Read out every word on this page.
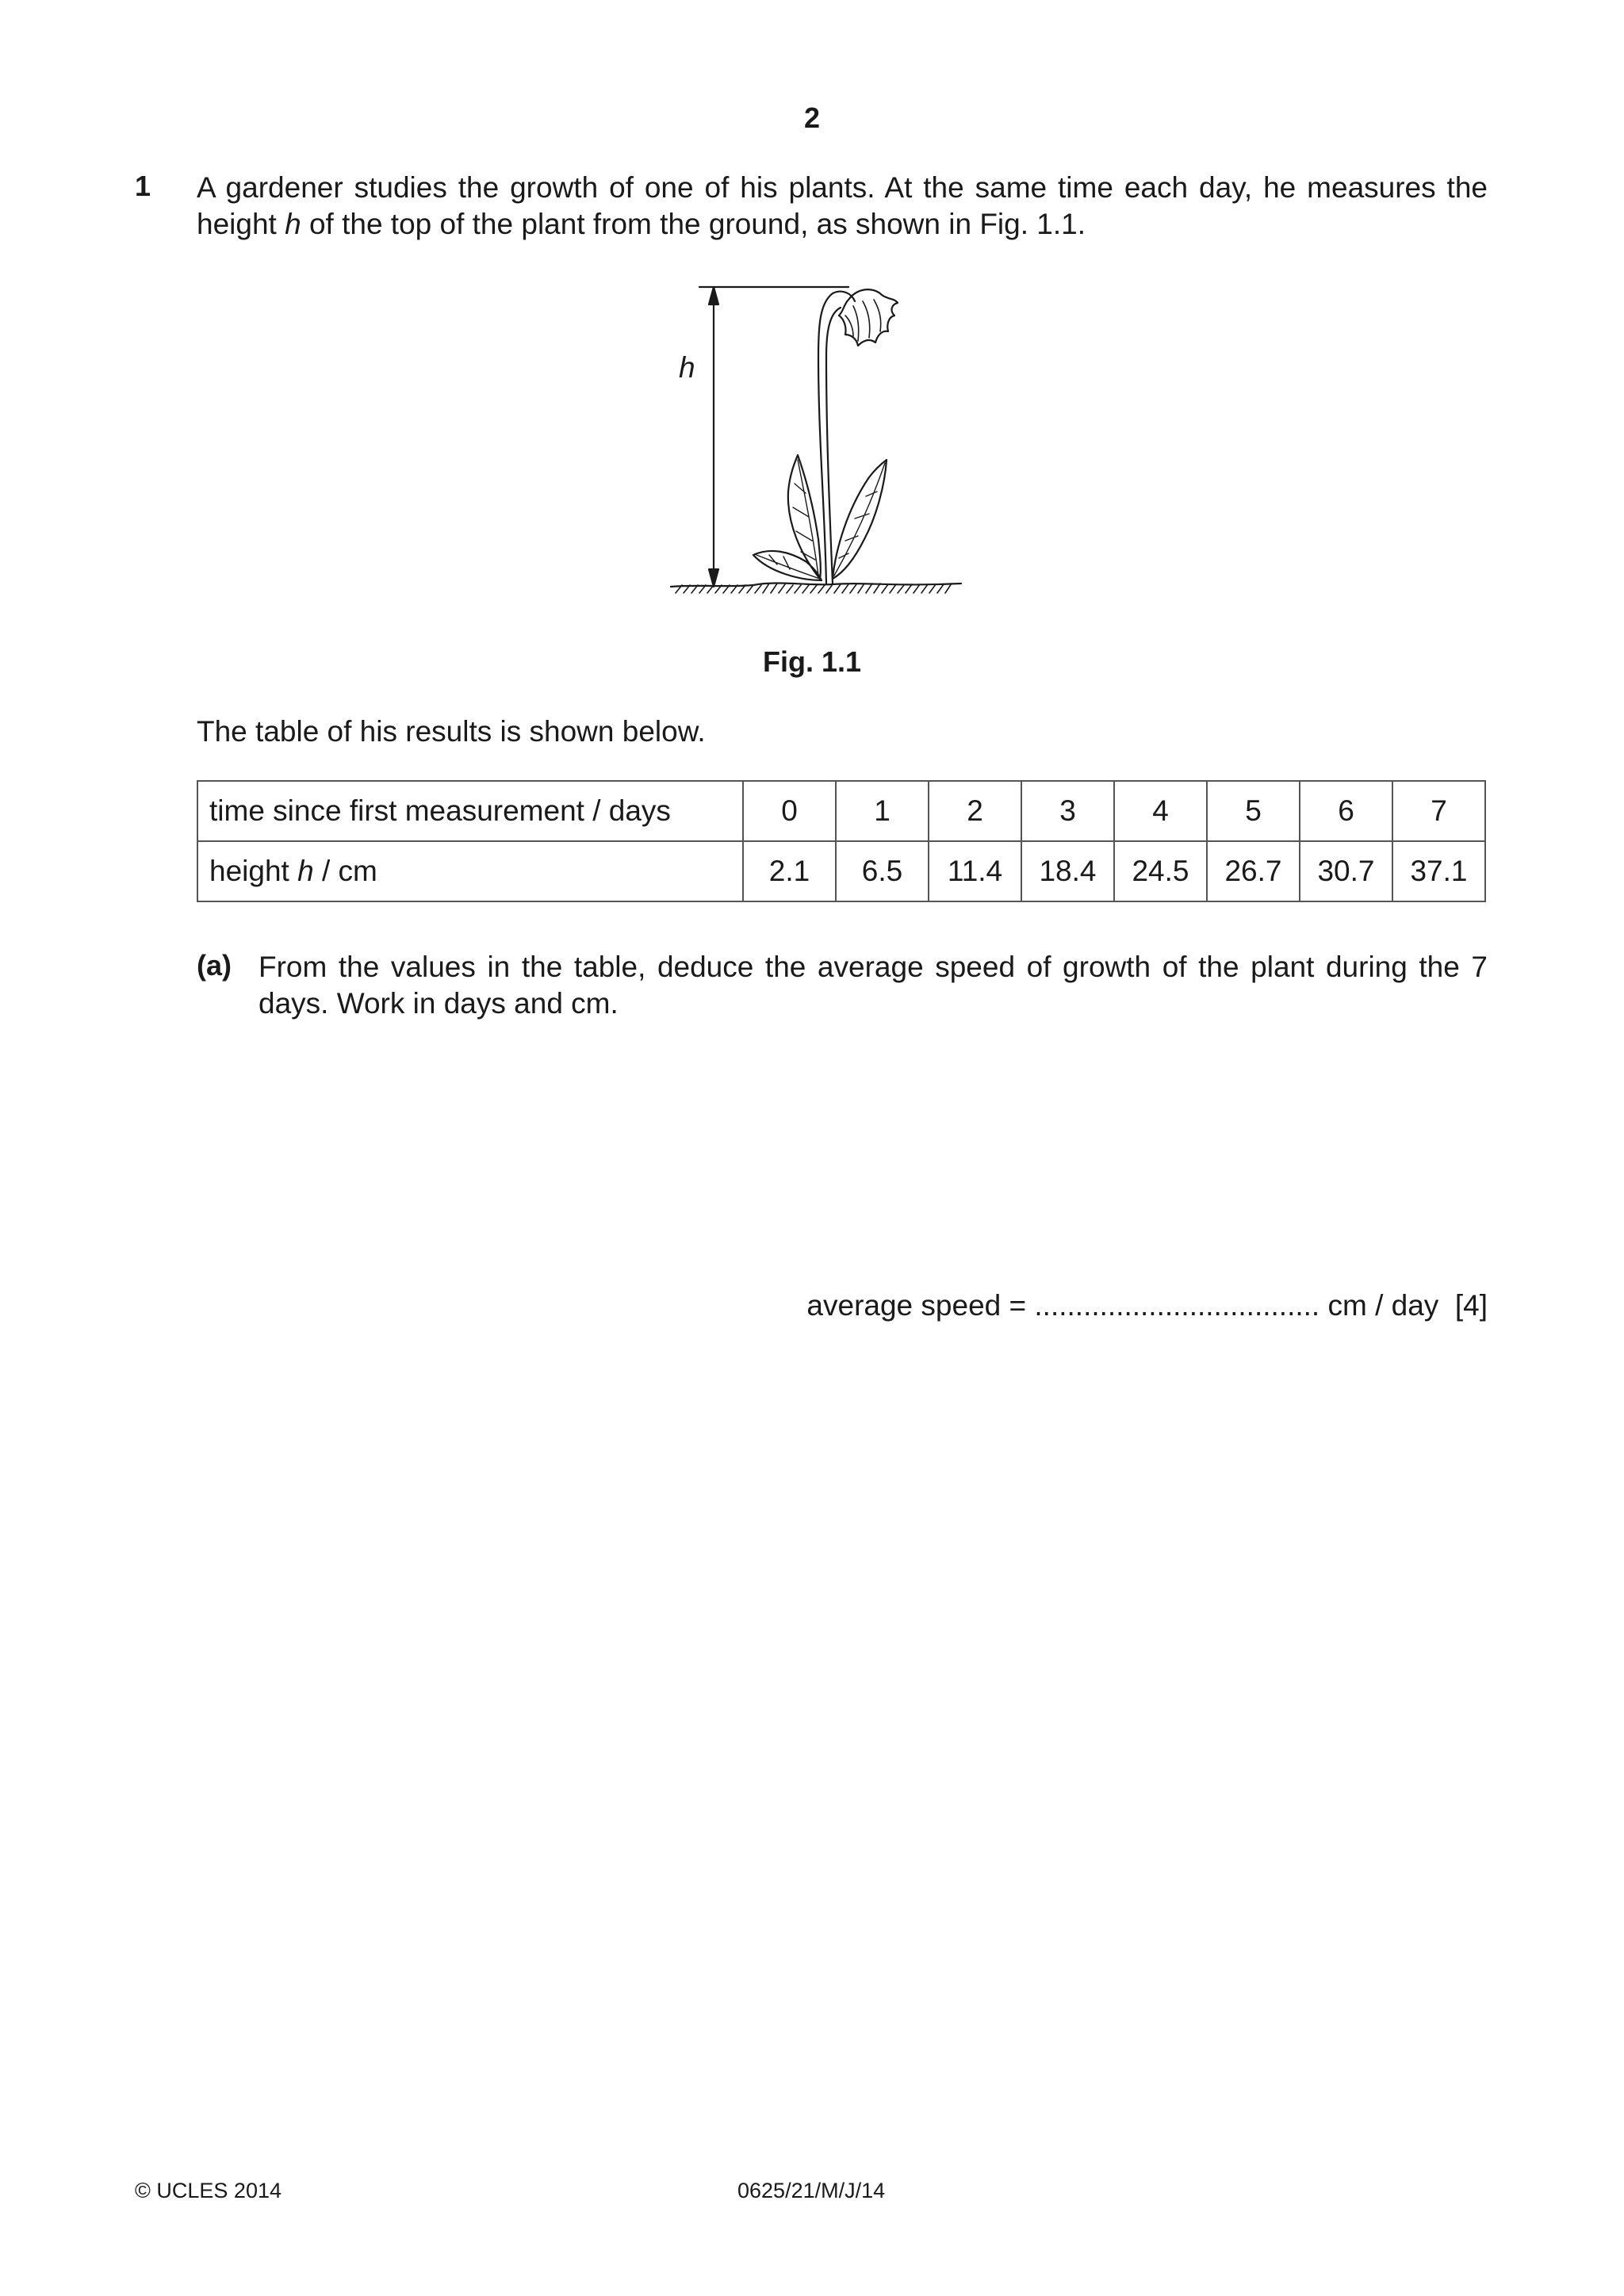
2
1 A gardener studies the growth of one of his plants. At the same time each day, he measures the height h of the top of the plant from the ground, as shown in Fig. 1.1.
h
Fig. 1.1
The table of his results is shown below.
time since first measurement / days	0	1	2	3	4	5	6	7
height h / cm	2.1	6.5	11.4	18.4	24.5	26.7	30.7	37.1
(a) From the values in the table, deduce the average speed of growth of the plant during the 7 days. Work in days and cm.
average speed = ................................... cm / day [4]
© UCLES 2014	0625/21/M/J/14
